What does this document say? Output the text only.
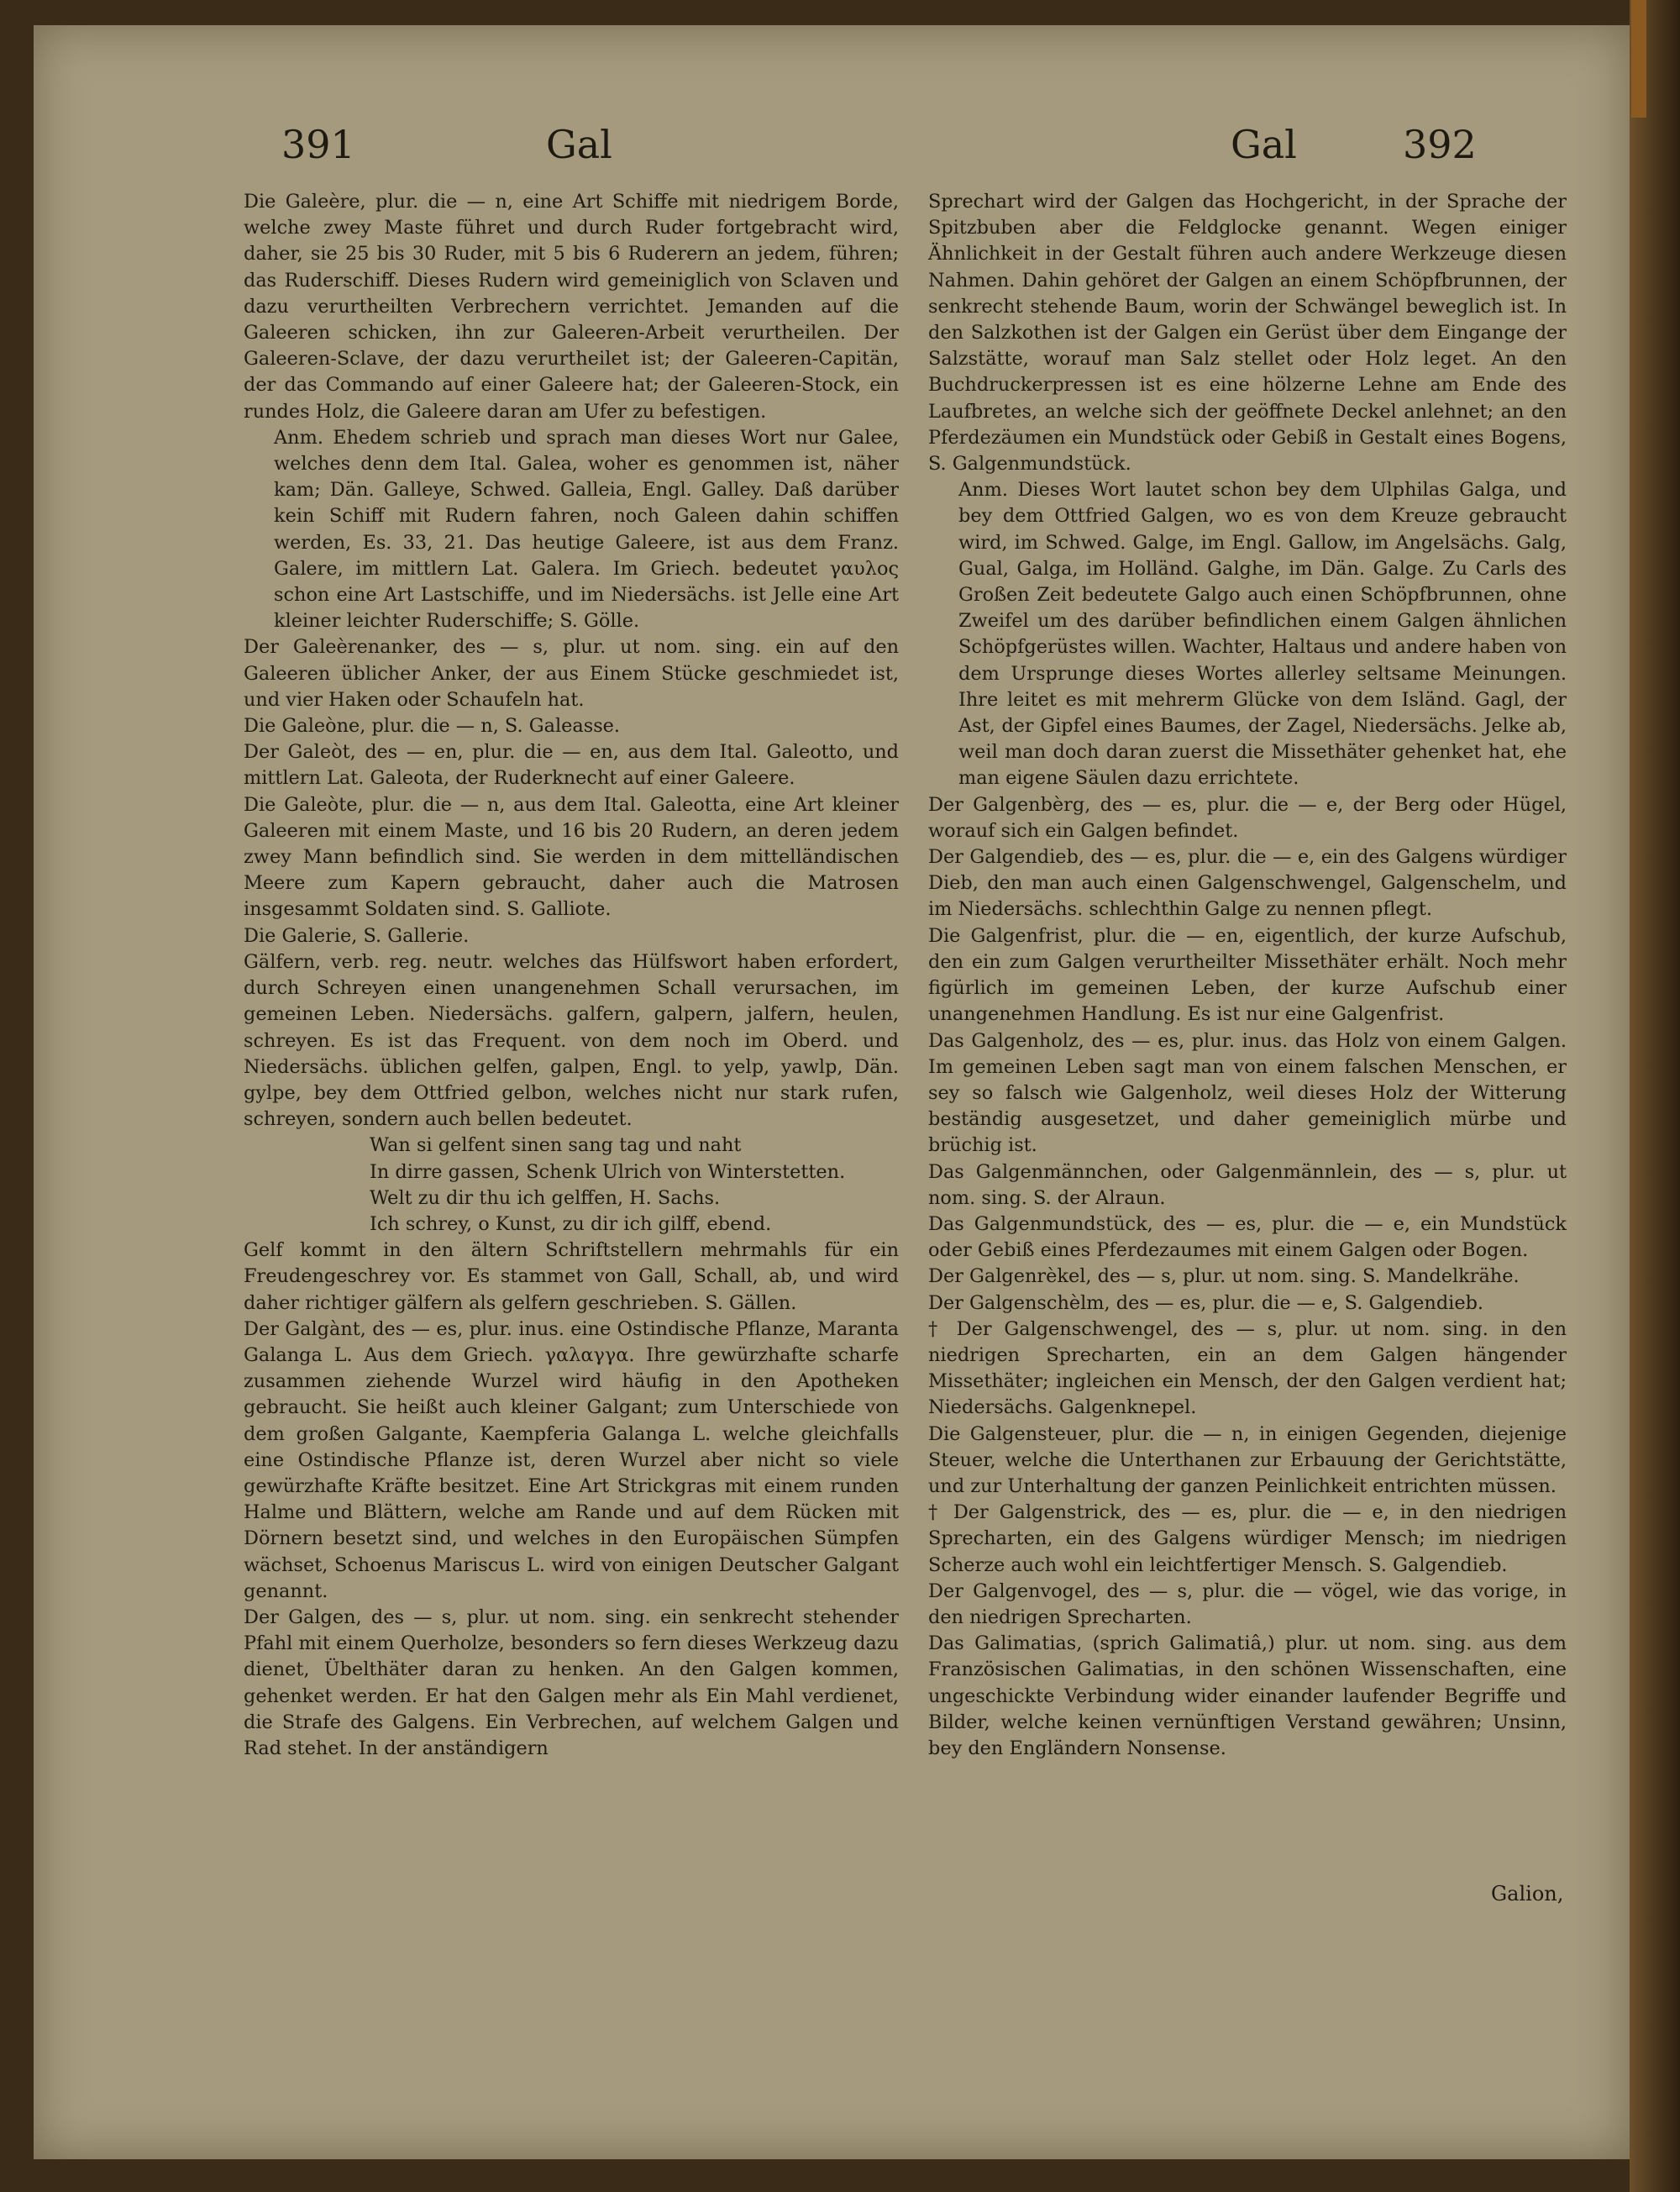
391	Gal	Gal	392

Die Galeère, plur. die — n, eine Art Schiffe mit niedrigem Borde, welche zwey Maste führet und durch Ruder fortgebracht wird, daher, sie 25 bis 30 Ruder, mit 5 bis 6 Ruderern an jedem, führen; das Ruderschiff. Dieses Rudern wird gemeiniglich von Sclaven und dazu verurtheilten Verbrechern verrichtet. Jemanden auf die Galeeren schicken, ihn zur Galeeren-Arbeit verurtheilen. Der Galeeren-Sclave, der dazu verurtheilet ist; der Galeeren-Capitän, der das Commando auf einer Galeere hat; der Galeeren-Stock, ein rundes Holz, die Galeere daran am Ufer zu befestigen.

Anm. Ehedem schrieb und sprach man dieses Wort nur Galee, welches denn dem Ital. Galea, woher es genommen ist, näher kam; Dän. Galleye, Schwed. Galleia, Engl. Galley. Daß darüber kein Schiff mit Rudern fahren, noch Galeen dahin schiffen werden, Es. 33, 21. Das heutige Galeere, ist aus dem Franz. Galere, im mittlern Lat. Galera. Im Griech. bedeutet γαυλος schon eine Art Lastschiffe, und im Niedersächs. ist Jelle eine Art kleiner leichter Ruderschiffe; S. Gölle.

Der Galeèrenanker, des — s, plur. ut nom. sing. ein auf den Galeeren üblicher Anker, der aus Einem Stücke geschmiedet ist, und vier Haken oder Schaufeln hat.

Die Galeòne, plur. die — n, S. Galeasse.

Der Galeòt, des — en, plur. die — en, aus dem Ital. Galeotto, und mittlern Lat. Galeota, der Ruderknecht auf einer Galeere.

Die Galeòte, plur. die — n, aus dem Ital. Galeotta, eine Art kleiner Galeeren mit einem Maste, und 16 bis 20 Rudern, an deren jedem zwey Mann befindlich sind. Sie werden in dem mittelländischen Meere zum Kapern gebraucht, daher auch die Matrosen insgesammt Soldaten sind. S. Galliote.

Die Galerie, S. Gallerie.

Gälfern, verb. reg. neutr. welches das Hülfswort haben erfordert, durch Schreyen einen unangenehmen Schall verursachen, im gemeinen Leben. Niedersächs. galfern, galpern, jalfern, heulen, schreyen. Es ist das Frequent. von dem noch im Oberd. und Niedersächs. üblichen gelfen, galpen, Engl. to yelp, yawlp, Dän. gylpe, bey dem Ottfried gelbon, welches nicht nur stark rufen, schreyen, sondern auch bellen bedeutet.

Wan si gelfent sinen sang tag und naht

In dirre gassen, Schenk Ulrich von Winterstetten.

Welt zu dir thu ich gelffen, H. Sachs.

Ich schrey, o Kunst, zu dir ich gilff, ebend.

Gelf kommt in den ältern Schriftstellern mehrmahls für ein Freudengeschrey vor. Es stammet von Gall, Schall, ab, und wird daher richtiger gälfern als gelfern geschrieben. S. Gällen.

Der Galgànt, des — es, plur. inus. eine Ostindische Pflanze, Maranta Galanga L. Aus dem Griech. γαλαγγα. Ihre gewürzhafte scharfe zusammen ziehende Wurzel wird häufig in den Apotheken gebraucht. Sie heißt auch kleiner Galgant; zum Unterschiede von dem großen Galgante, Kaempferia Galanga L. welche gleichfalls eine Ostindische Pflanze ist, deren Wurzel aber nicht so viele gewürzhafte Kräfte besitzet. Eine Art Strickgras mit einem runden Halme und Blättern, welche am Rande und auf dem Rücken mit Dörnern besetzt sind, und welches in den Europäischen Sümpfen wächset, Schoenus Mariscus L. wird von einigen Deutscher Galgant genannt.

Der Galgen, des — s, plur. ut nom. sing. ein senkrecht stehender Pfahl mit einem Querholze, besonders so fern dieses Werkzeug dazu dienet, Übelthäter daran zu henken. An den Galgen kommen, gehenket werden. Er hat den Galgen mehr als Ein Mahl verdienet, die Strafe des Galgens. Ein Verbrechen, auf welchem Galgen und Rad stehet. In der anständigern

Sprechart wird der Galgen das Hochgericht, in der Sprache der Spitzbuben aber die Feldglocke genannt. Wegen einiger Ähnlichkeit in der Gestalt führen auch andere Werkzeuge diesen Nahmen. Dahin gehöret der Galgen an einem Schöpfbrunnen, der senkrecht stehende Baum, worin der Schwängel beweglich ist. In den Salzkothen ist der Galgen ein Gerüst über dem Eingange der Salzstätte, worauf man Salz stellet oder Holz leget. An den Buchdruckerpressen ist es eine hölzerne Lehne am Ende des Laufbretes, an welche sich der geöffnete Deckel anlehnet; an den Pferdezäumen ein Mundstück oder Gebiß in Gestalt eines Bogens, S. Galgenmundstück.

Anm. Dieses Wort lautet schon bey dem Ulphilas Galga, und bey dem Ottfried Galgen, wo es von dem Kreuze gebraucht wird, im Schwed. Galge, im Engl. Gallow, im Angelsächs. Galg, Gual, Galga, im Holländ. Galghe, im Dän. Galge. Zu Carls des Großen Zeit bedeutete Galgo auch einen Schöpfbrunnen, ohne Zweifel um des darüber befindlichen einem Galgen ähnlichen Schöpfgerüstes willen. Wachter, Haltaus und andere haben von dem Ursprunge dieses Wortes allerley seltsame Meinungen. Ihre leitet es mit mehrerm Glücke von dem Isländ. Gagl, der Ast, der Gipfel eines Baumes, der Zagel, Niedersächs. Jelke ab, weil man doch daran zuerst die Missethäter gehenket hat, ehe man eigene Säulen dazu errichtete.

Der Galgenbèrg, des — es, plur. die — e, der Berg oder Hügel, worauf sich ein Galgen befindet.

Der Galgendieb, des — es, plur. die — e, ein des Galgens würdiger Dieb, den man auch einen Galgenschwengel, Galgenschelm, und im Niedersächs. schlechthin Galge zu nennen pflegt.

Die Galgenfrist, plur. die — en, eigentlich, der kurze Aufschub, den ein zum Galgen verurtheilter Missethäter erhält. Noch mehr figürlich im gemeinen Leben, der kurze Aufschub einer unangenehmen Handlung. Es ist nur eine Galgenfrist.

Das Galgenholz, des — es, plur. inus. das Holz von einem Galgen. Im gemeinen Leben sagt man von einem falschen Menschen, er sey so falsch wie Galgenholz, weil dieses Holz der Witterung beständig ausgesetzet, und daher gemeiniglich mürbe und brüchig ist.

Das Galgenmännchen, oder Galgenmännlein, des — s, plur. ut nom. sing. S. der Alraun.

Das Galgenmundstück, des — es, plur. die — e, ein Mundstück oder Gebiß eines Pferdezaumes mit einem Galgen oder Bogen.

Der Galgenrèkel, des — s, plur. ut nom. sing. S. Mandelkrähe.

Der Galgenschèlm, des — es, plur. die — e, S. Galgendieb.

† Der Galgenschwengel, des — s, plur. ut nom. sing. in den niedrigen Sprecharten, ein an dem Galgen hängender Missethäter; ingleichen ein Mensch, der den Galgen verdient hat; Niedersächs. Galgenknepel.

Die Galgensteuer, plur. die — n, in einigen Gegenden, diejenige Steuer, welche die Unterthanen zur Erbauung der Gerichtstätte, und zur Unterhaltung der ganzen Peinlichkeit entrichten müssen.

† Der Galgenstrick, des — es, plur. die — e, in den niedrigen Sprecharten, ein des Galgens würdiger Mensch; im niedrigen Scherze auch wohl ein leichtfertiger Mensch. S. Galgendieb.

Der Galgenvogel, des — s, plur. die — vögel, wie das vorige, in den niedrigen Sprecharten.

Das Galimatias, (sprich Galimatiâ,) plur. ut nom. sing. aus dem Französischen Galimatias, in den schönen Wissenschaften, eine ungeschickte Verbindung wider einander laufender Begriffe und Bilder, welche keinen vernünftigen Verstand gewähren; Unsinn, bey den Engländern Nonsense.

Galion,
